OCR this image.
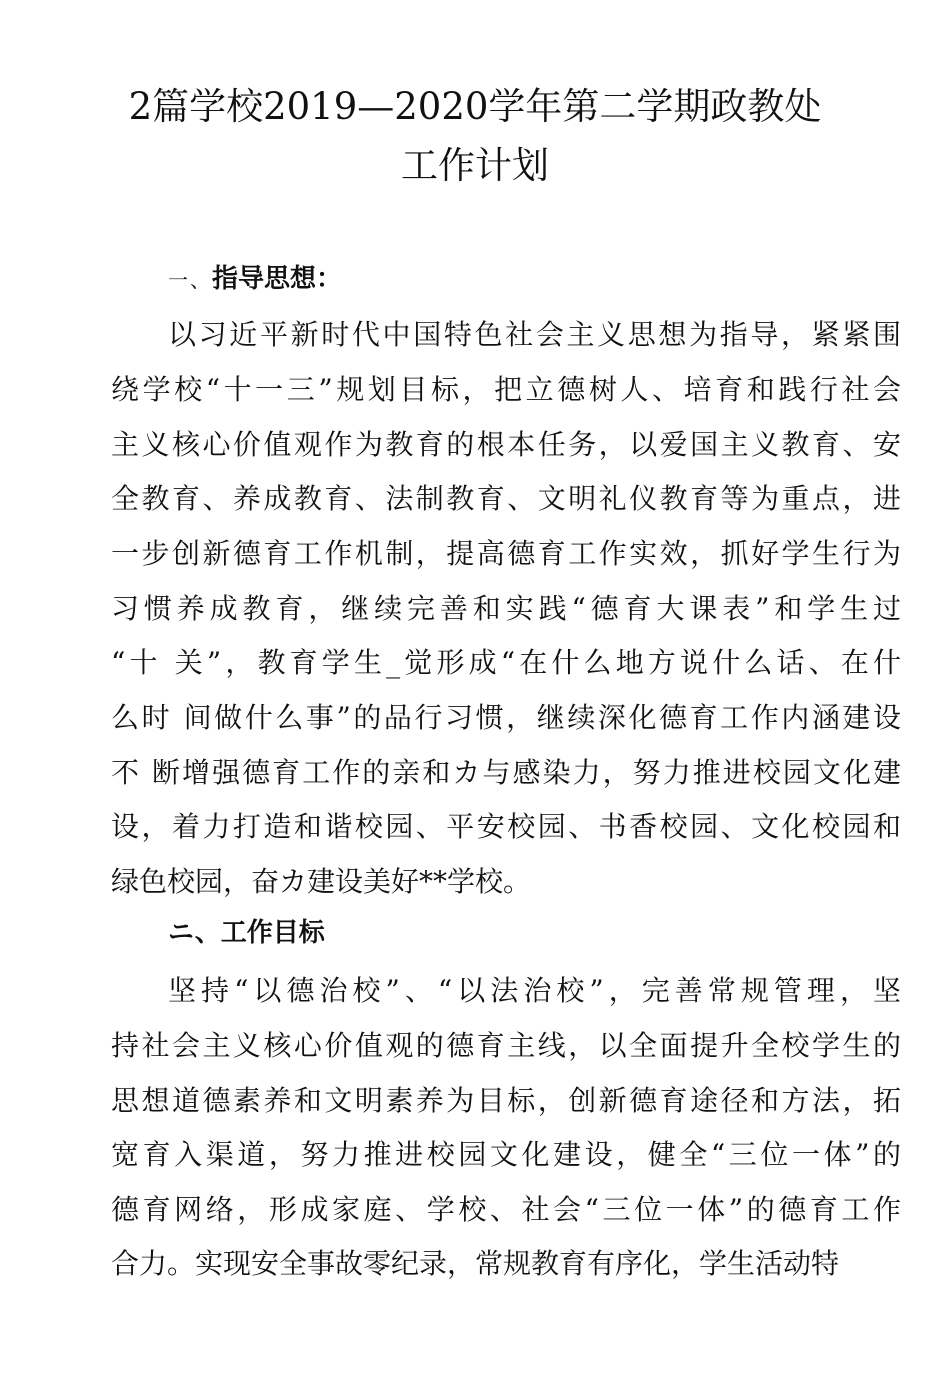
2篇学校2019—2020学年第二学期政教处
工作计划
一、指导思想：
以习近平新时代中国特色社会主义思想为指导，紧紧围
绕学校“十一三”规划目标，把立德树人、培育和践行社会
主义核心价值观作为教育的根本任务，以爱国主义教育、安
全教育、养成教育、法制教育、文明礼仪教育等为重点，进
一步创新德育工作机制，提高德育工作实效，抓好学生行为
习惯养成教育，继续完善和实践“德育大课表”和学生过
“十 关”，教育学生_觉形成“在什么地方说什么话、在什
么时 间做什么事”的品行习惯，继续深化德育工作内涵建设
不 断增强德育工作的亲和カ与感染力，努力推进校园文化建
设，着力打造和谐校园、平安校园、书香校园、文化校园和
绿色校园，奋カ建设美好**学校。
ニ、工作目标
坚持“以德治校”、“以法治校”，完善常规管理，坚
持社会主义核心价值观的德育主线，以全面提升全校学生的
思想道德素养和文明素养为目标，创新德育途径和方法，拓
宽育入渠道，努力推进校园文化建设，健全“三位一体”的
德育网络，形成家庭、学校、社会“三位一体”的德育工作
合力。实现安全事故零纪录，常规教育有序化，学生活动特
